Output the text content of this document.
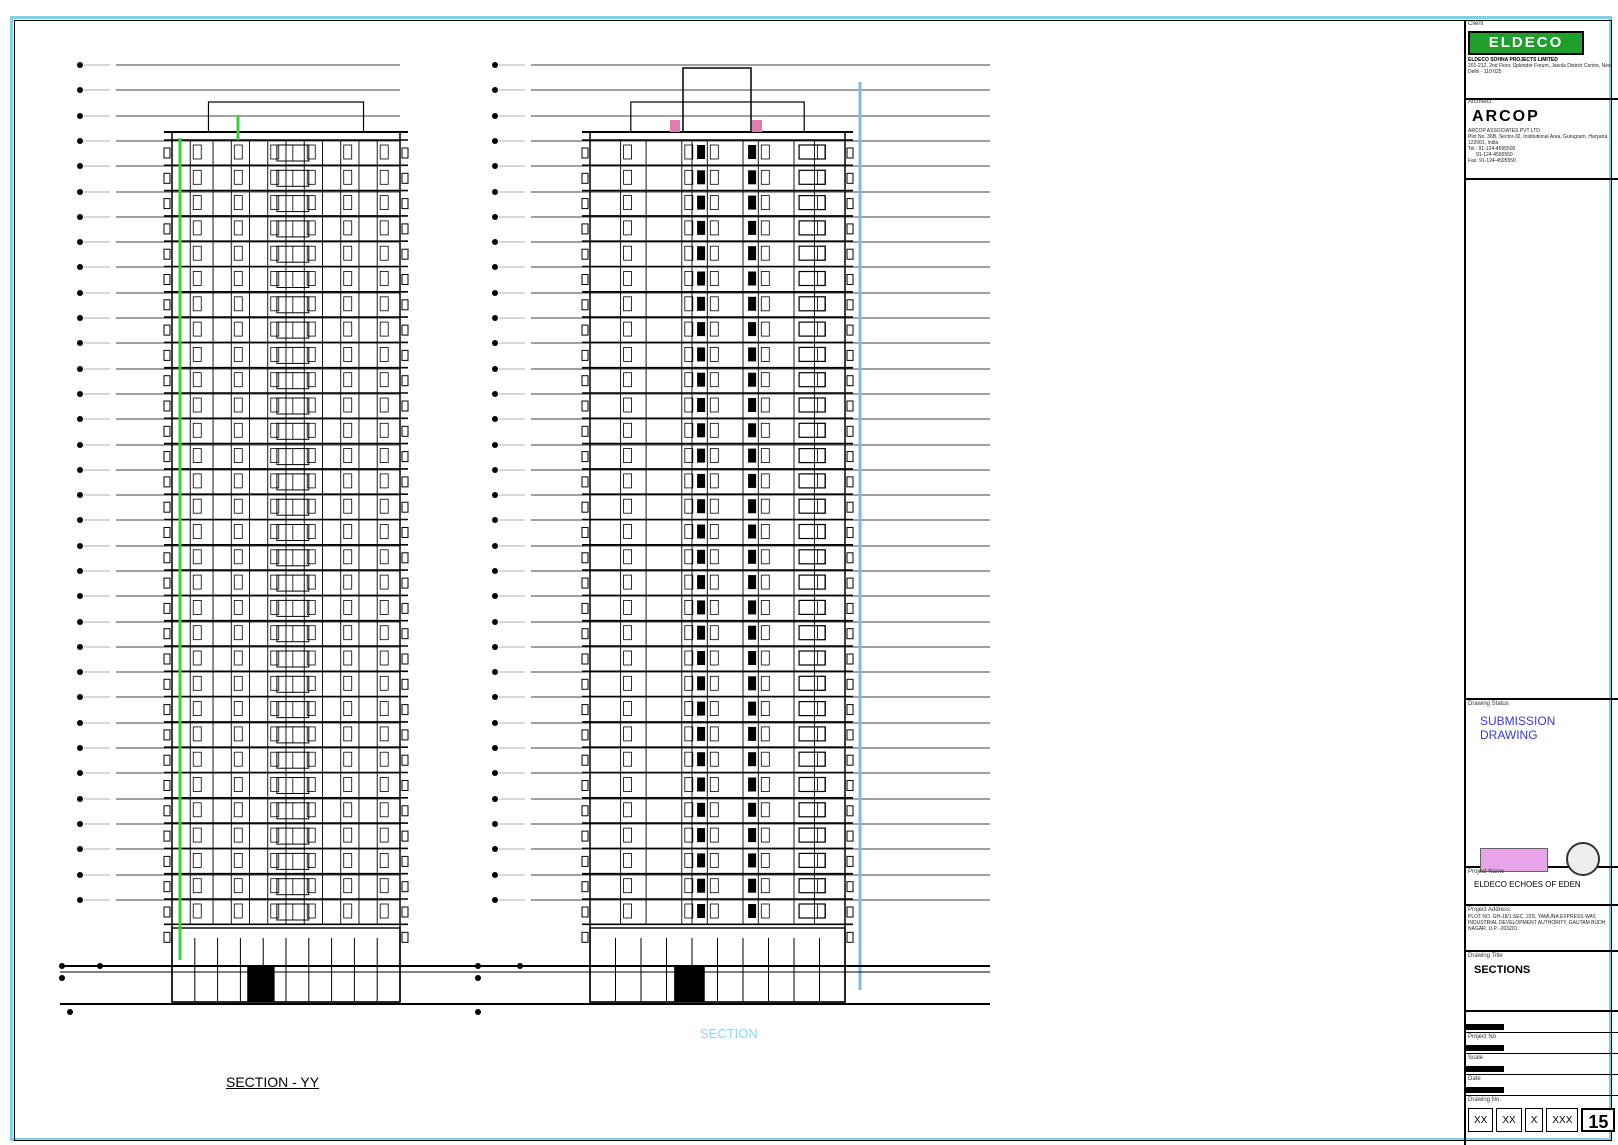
SECTION - YY
SECTION
Client
ELDECO
ELDECO SOHNA PROJECTS LIMITED
201-212, 2nd Floor, Splendor Forum, Jasola District Centre, New Delhi - 110 025
Architect
ARCOP
ARCOP ASSOCIATES PVT LTD
Plot No. 36B, Sector-32, Institutional Area, Gurugram, Haryana, 122001, India
Tel : 91-124-4595500
91-124-4595550
Fax: 91-124-4595550
Drawing Status
SUBMISSION DRAWING
Project Name
ELDECO ECHOES OF EDEN
Project Address
PLOT NO. GH-18/1 SEC. 22D, YAMUNA EXPRESS WAY, INDUSTRIAL DEVELOPMENT AUTHORITY, GAUTAM BUDH NAGAR, U.P. -203201
Drawing Title
SECTIONS
Project No
Scale
Date
Drawing No.
XX	XX	X	XXX 15
